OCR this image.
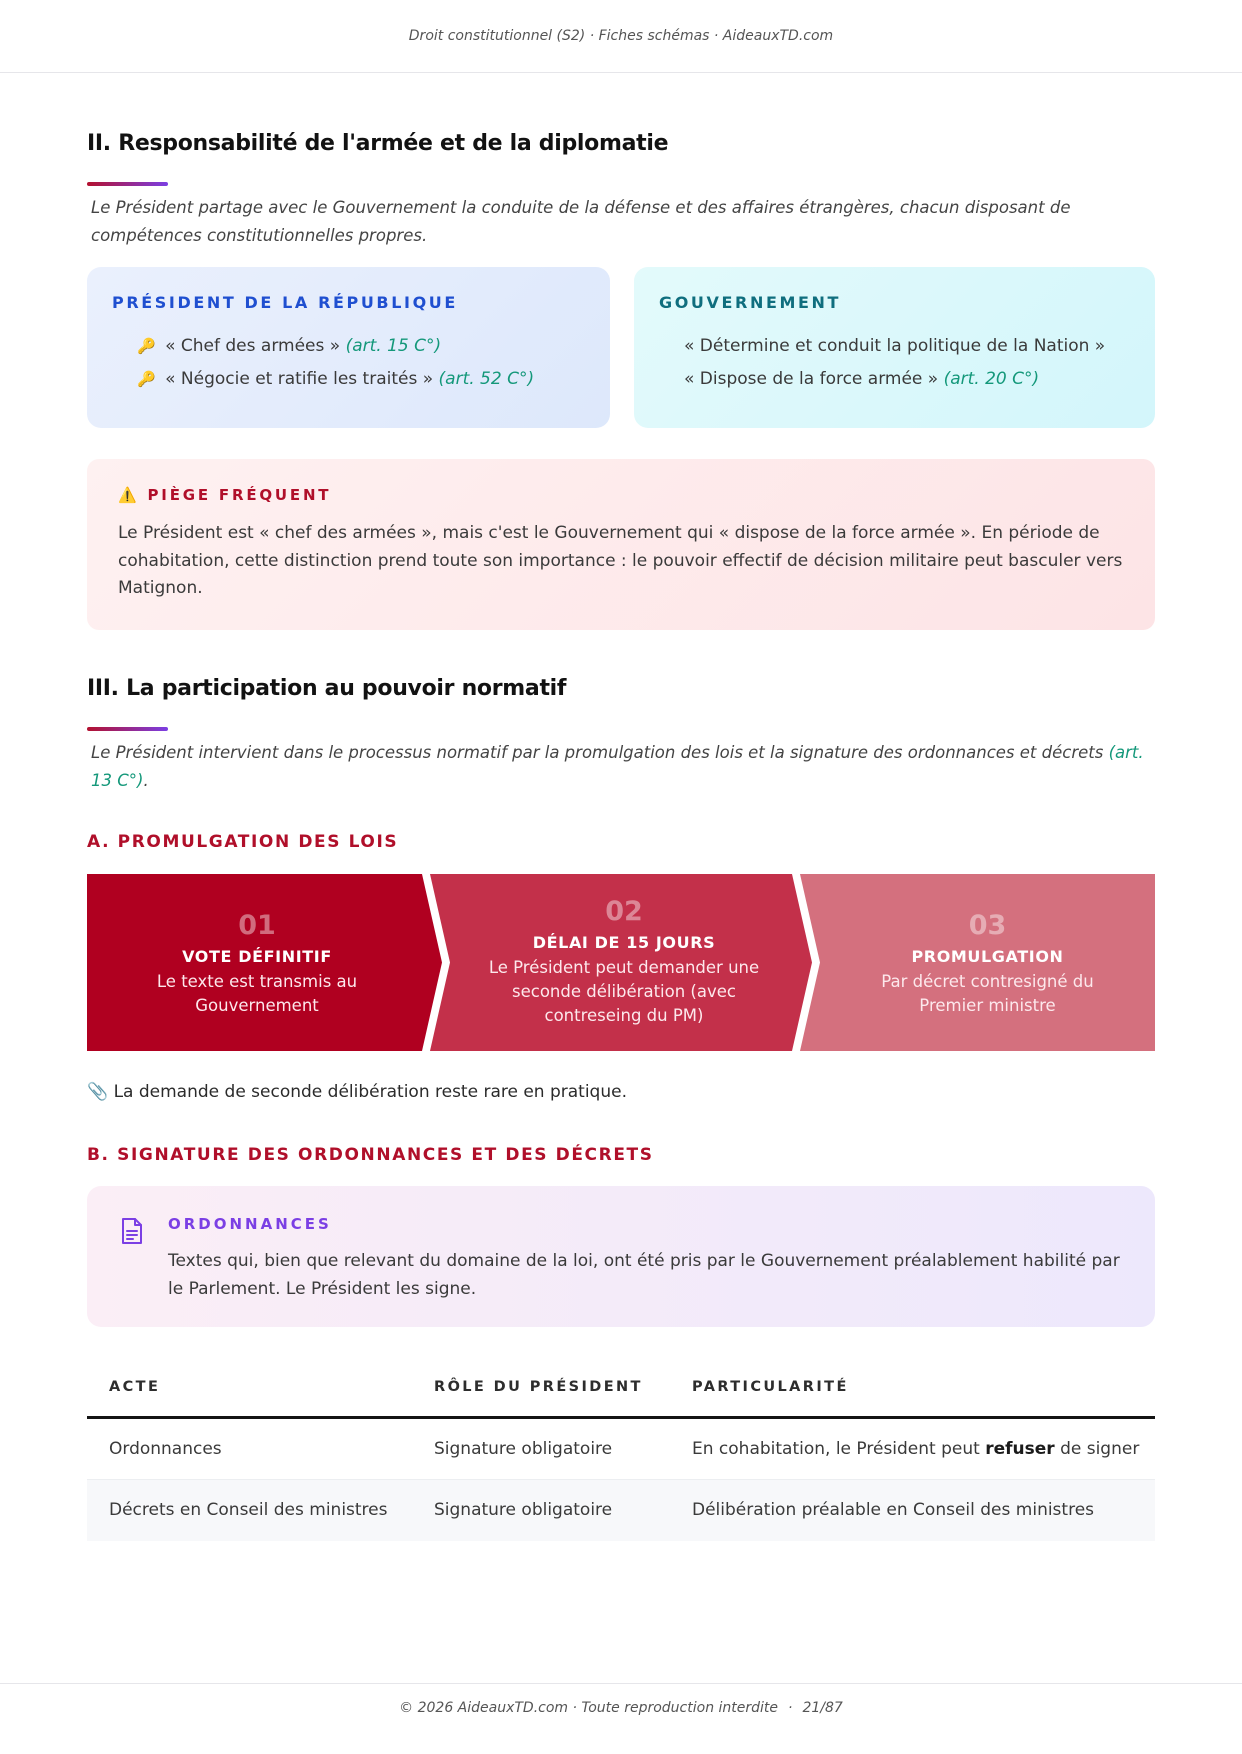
Droit constitutionnel (S2) · Fiches schémas · AideauxTD.com
II. Responsabilité de l'armée et de la diplomatie

Le Président partage avec le Gouvernement la conduite de la défense et des affaires étrangères, chacun disposant de compétences constitutionnelles propres.

PRÉSIDENT DE LA RÉPUBLIQUE
🔑 « Chef des armées » (art. 15 C°)
🔑 « Négocie et ratifie les traités » (art. 52 C°)
GOUVERNEMENT
« Détermine et conduit la politique de la Nation »
« Dispose de la force armée » (art. 20 C°)
⚠️ PIÈGE FRÉQUENT

Le Président est « chef des armées », mais c'est le Gouvernement qui « dispose de la force armée ». En période de cohabitation, cette distinction prend toute son importance : le pouvoir effectif de décision militaire peut basculer vers Matignon.

III. La participation au pouvoir normatif

Le Président intervient dans le processus normatif par la promulgation des lois et la signature des ordonnances et décrets (art. 13 C°).

A. PROMULGATION DES LOIS
01
VOTE DÉFINITIF
Le texte est transmis au
Gouvernement
02
DÉLAI DE 15 JOURS
Le Président peut demander une
seconde délibération (avec
contreseing du PM)
03
PROMULGATION
Par décret contresigné du
Premier ministre

📎 La demande de seconde délibération reste rare en pratique.

B. SIGNATURE DES ORDONNANCES ET DES DÉCRETS
ORDONNANCES

Textes qui, bien que relevant du domaine de la loi, ont été pris par le Gouvernement préalablement habilité par le Parlement. Le Président les signe.

ACTE	RÔLE DU PRÉSIDENT	PARTICULARITÉ
Ordonnances	Signature obligatoire	En cohabitation, le Président peut refuser de signer
Décrets en Conseil des ministres	Signature obligatoire	Délibération préalable en Conseil des ministres
© 2026 AideauxTD.com · Toute reproduction interdite · 21/87
